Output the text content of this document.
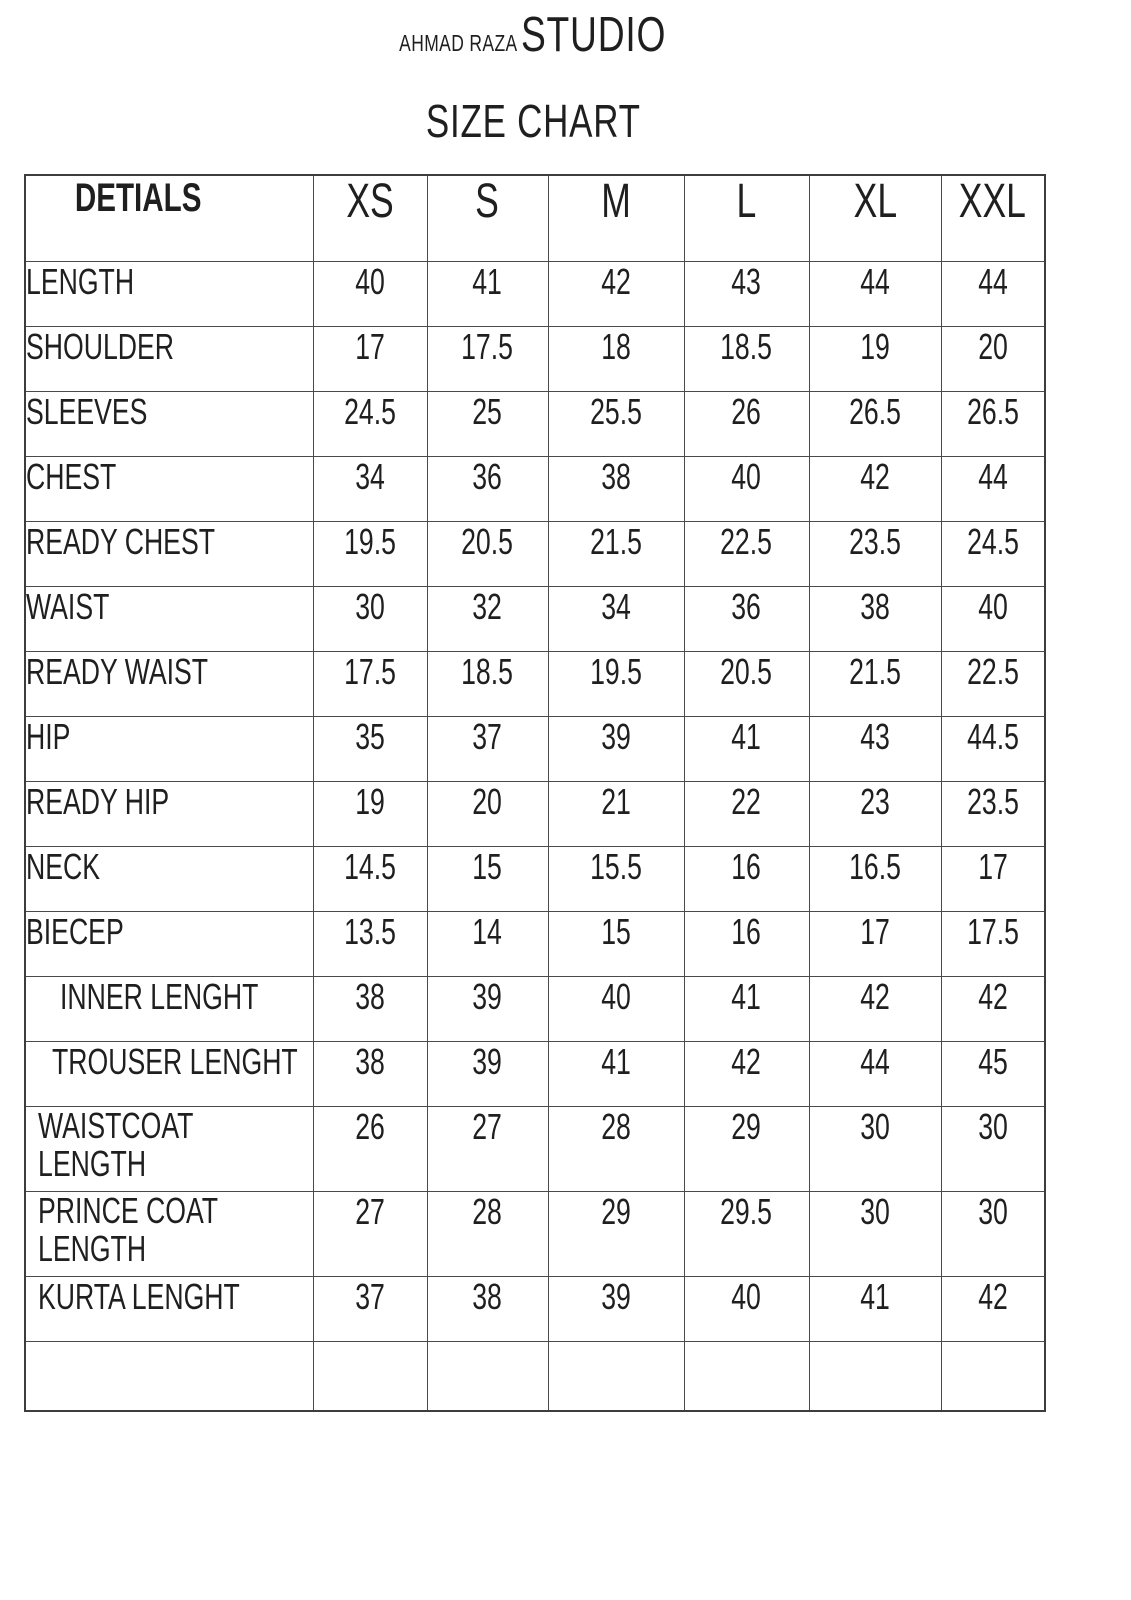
AHMAD RAZA STUDIO
SIZE CHART
DETIALS	XS	S	M	L	XL	XXL
LENGTH	40	41	42	43	44	44
SHOULDER	17	17.5	18	18.5	19	20
SLEEVES	24.5	25	25.5	26	26.5	26.5
CHEST	34	36	38	40	42	44
READY CHEST	19.5	20.5	21.5	22.5	23.5	24.5
WAIST	30	32	34	36	38	40
READY WAIST	17.5	18.5	19.5	20.5	21.5	22.5
HIP	35	37	39	41	43	44.5
READY HIP	19	20	21	22	23	23.5
NECK	14.5	15	15.5	16	16.5	17
BIECEP	13.5	14	15	16	17	17.5
INNER LENGHT	38	39	40	41	42	42
TROUSER LENGHT	38	39	41	42	44	45
WAISTCOAT LENGTH	26	27	28	29	30	30
PRINCE COAT LENGTH	27	28	29	29.5	30	30
KURTA LENGHT	37	38	39	40	41	42
